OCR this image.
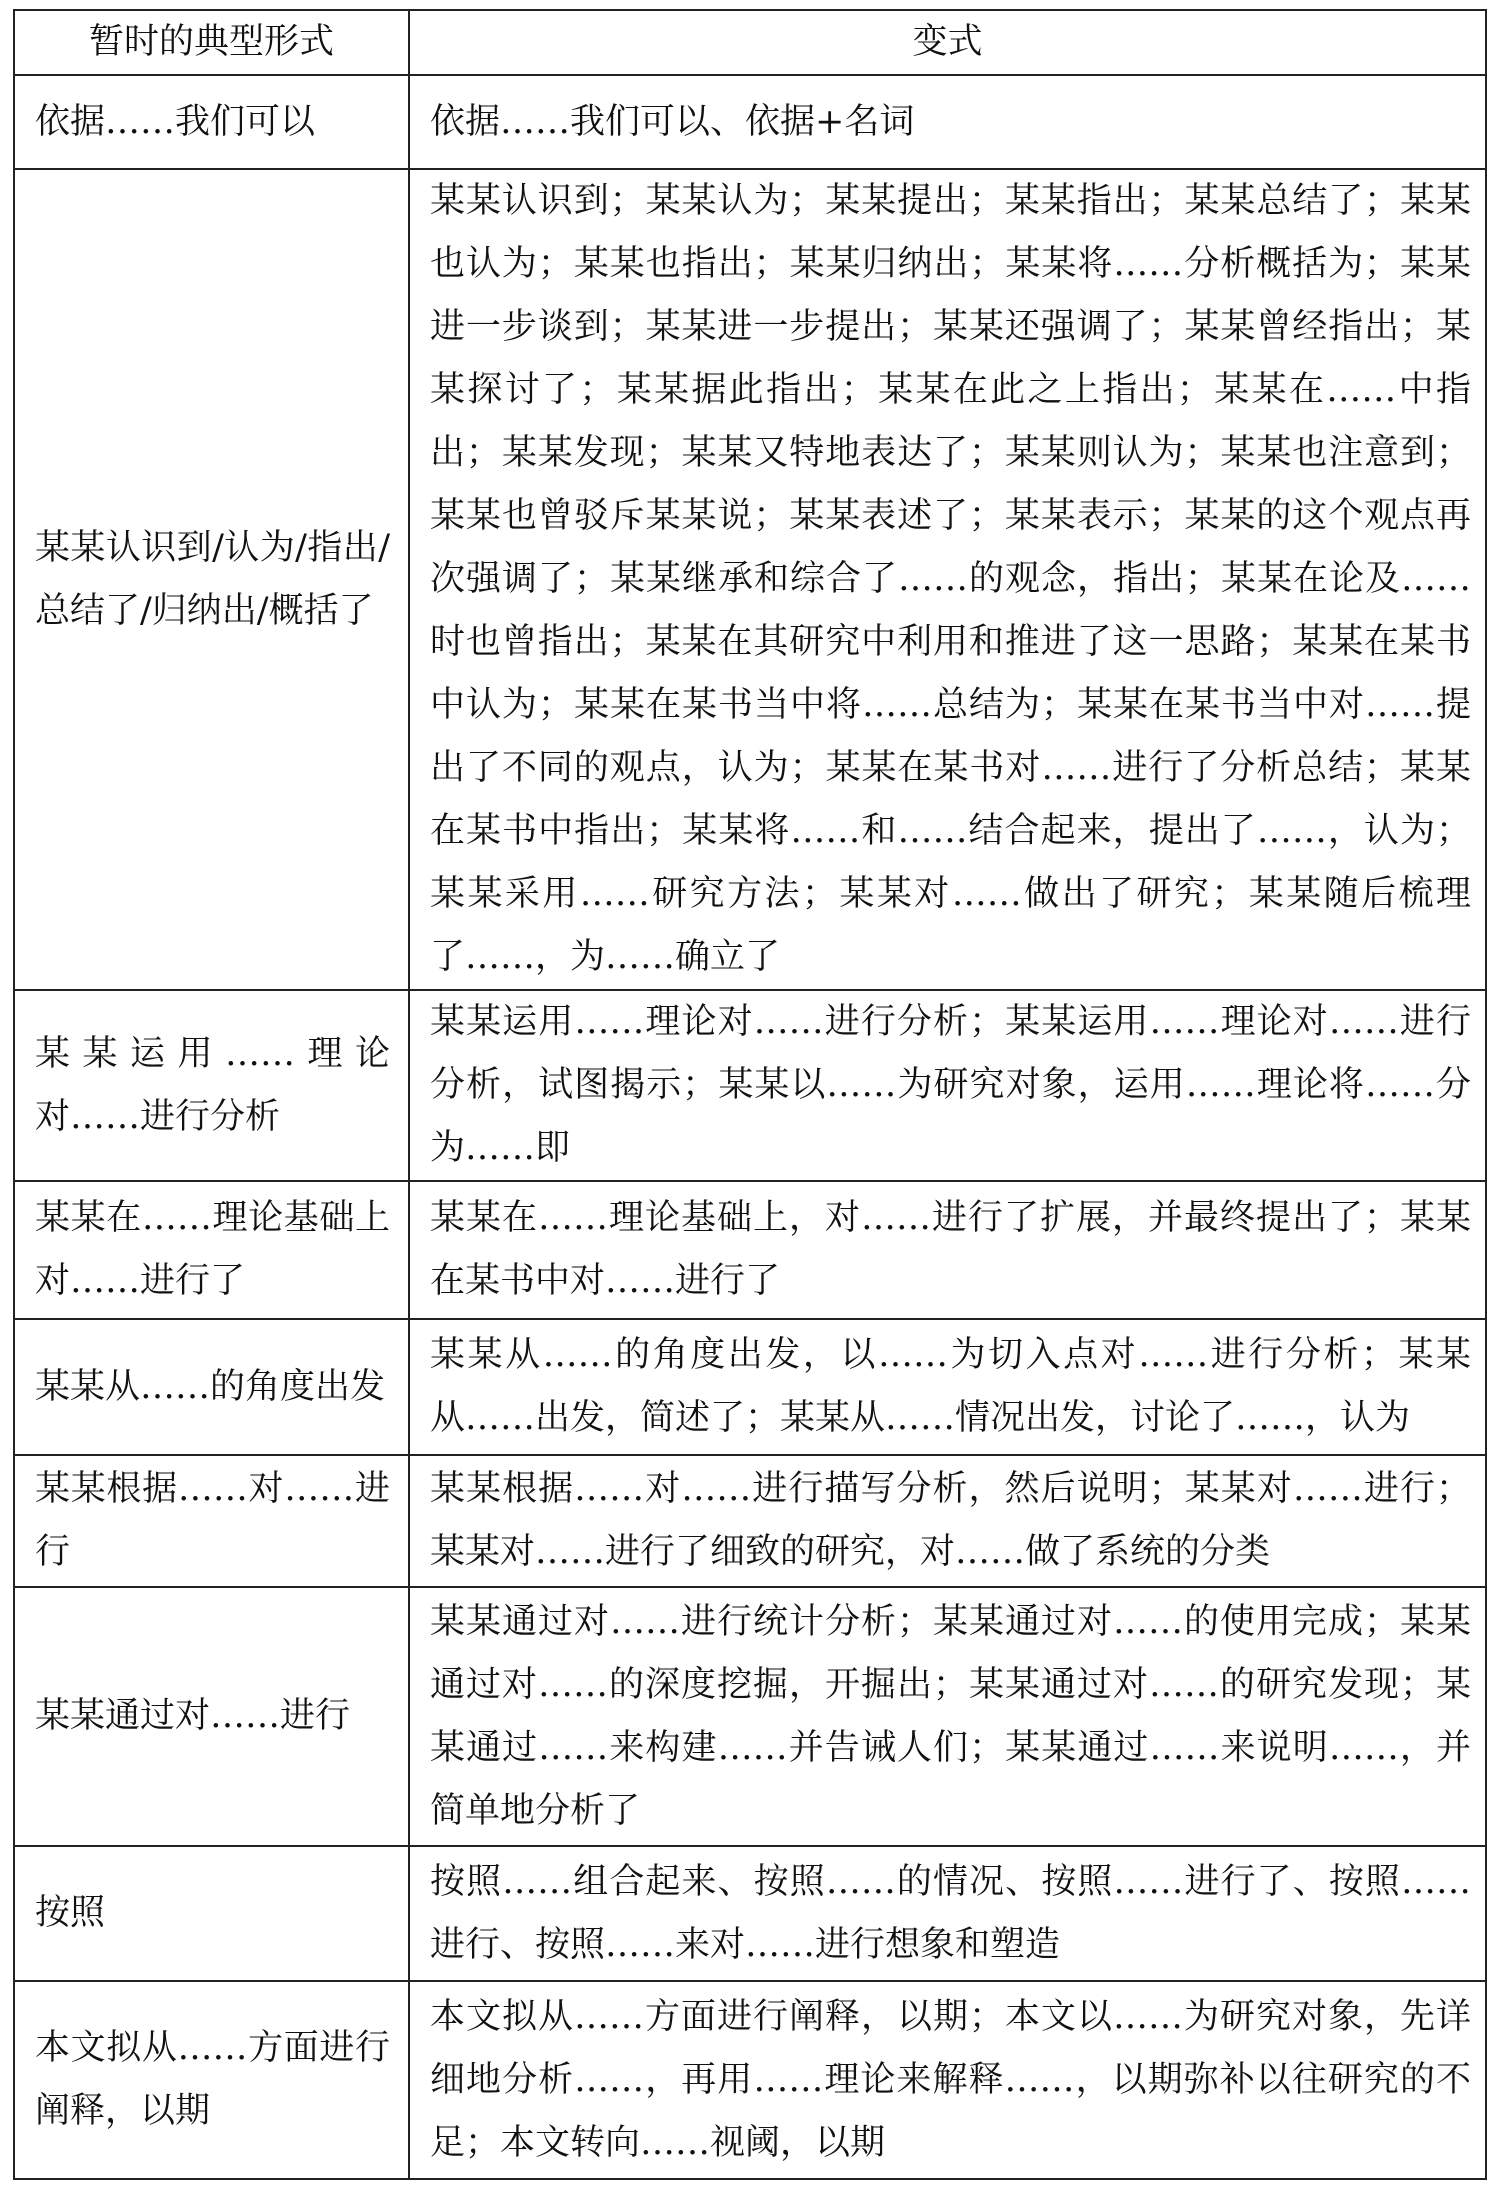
暂时的典型形式	变式
依据……我们可以	依据……我们可以、依据+名词
某某认识到/认为/指出/总结了/归纳出/概括了	某某认识到；某某认为；某某提出；某某指出；某某总结了；某某也认为；某某也指出；某某归纳出；某某将……分析概括为；某某进一步谈到；某某进一步提出；某某还强调了；某某曾经指出；某某探讨了；某某据此指出；某某在此之上指出；某某在……中指出；某某发现；某某又特地表达了；某某则认为；某某也注意到；某某也曾驳斥某某说；某某表述了；某某表示；某某的这个观点再次强调了；某某继承和综合了……的观念，指出；某某在论及……时也曾指出；某某在其研究中利用和推进了这一思路；某某在某书中认为；某某在某书当中将……总结为；某某在某书当中对……提出了不同的观点，认为；某某在某书对……进行了分析总结；某某在某书中指出；某某将……和……结合起来，提出了……，认为；某某采用……研究方法；某某对……做出了研究；某某随后梳理了……，为……确立了
某某运用……理论对……进行分析	某某运用……理论对……进行分析；某某运用……理论对……进行分析，试图揭示；某某以……为研究对象，运用……理论将……分为……即
某某在……理论基础上对……进行了	某某在……理论基础上，对……进行了扩展，并最终提出了；某某在某书中对……进行了
某某从……的角度出发	某某从……的角度出发，以……为切入点对……进行分析；某某从……出发，简述了；某某从……情况出发，讨论了……，认为
某某根据……对……进行	某某根据……对……进行描写分析，然后说明；某某对……进行；某某对……进行了细致的研究，对……做了系统的分类
某某通过对……进行	某某通过对……进行统计分析；某某通过对……的使用完成；某某通过对……的深度挖掘，开掘出；某某通过对……的研究发现；某某通过……来构建……并告诫人们；某某通过……来说明……，并简单地分析了
按照	按照……组合起来、按照……的情况、按照……进行了、按照……进行、按照……来对……进行想象和塑造
本文拟从……方面进行阐释，以期	本文拟从……方面进行阐释，以期；本文以……为研究对象，先详细地分析……，再用……理论来解释……，以期弥补以往研究的不足；本文转向……视阈，以期
